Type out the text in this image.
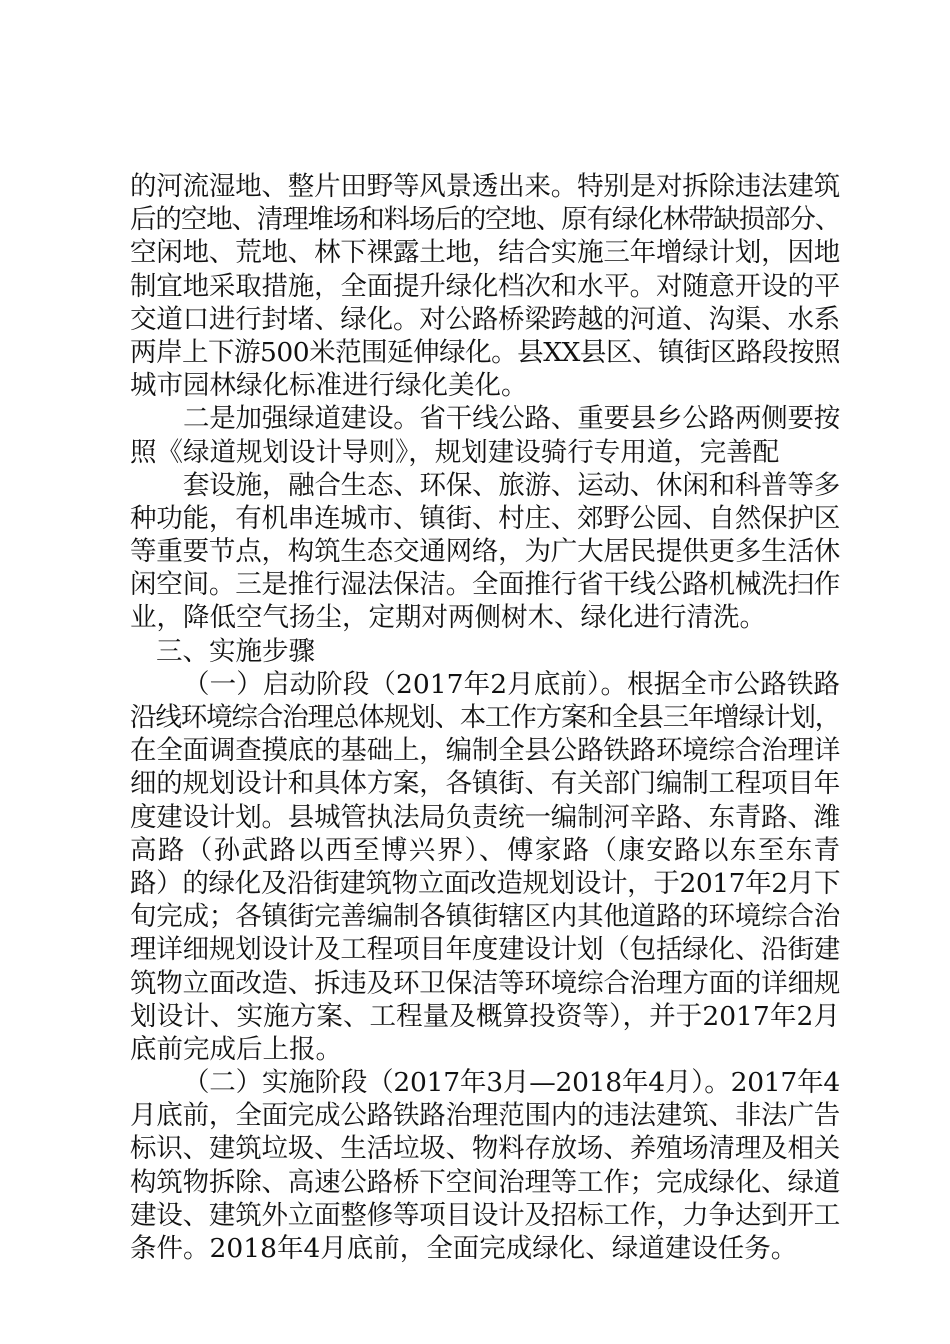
的河流湿地、整片田野等风景透出来。特别是对拆除违法建筑
后的空地、清理堆场和料场后的空地、原有绿化林带缺损部分、
空闲地、荒地、林下裸露土地，结合实施三年增绿计划，因地
制宜地采取措施，全面提升绿化档次和水平。对随意开设的平
交道口进行封堵、绿化。对公路桥梁跨越的河道、沟渠、水系
两岸上下游500米范围延伸绿化。县XX县区、镇街区路段按照
城市园林绿化标准进行绿化美化。
二是加强绿道建设。省干线公路、重要县乡公路两侧要按
照《绿道规划设计导则》，规划建设骑行专用道，完善配
套设施，融合生态、环保、旅游、运动、休闲和科普等多
种功能，有机串连城市、镇街、村庄、郊野公园、自然保护区
等重要节点，构筑生态交通网络，为广大居民提供更多生活休
闲空间。三是推行湿法保洁。全面推行省干线公路机械洗扫作
业，降低空气扬尘，定期对两侧树木、绿化进行清洗。
三、实施步骤
（一）启动阶段（2017年2月底前）。根据全市公路铁路
沿线环境综合治理总体规划、本工作方案和全县三年增绿计划，
在全面调查摸底的基础上，编制全县公路铁路环境综合治理详
细的规划设计和具体方案，各镇街、有关部门编制工程项目年
度建设计划。县城管执法局负责统一编制河辛路、东青路、潍
高路（孙武路以西至博兴界）、傅家路（康安路以东至东青
路）的绿化及沿街建筑物立面改造规划设计，于2017年2月下
旬完成；各镇街完善编制各镇街辖区内其他道路的环境综合治
理详细规划设计及工程项目年度建设计划（包括绿化、沿街建
筑物立面改造、拆违及环卫保洁等环境综合治理方面的详细规
划设计、实施方案、工程量及概算投资等），并于2017年2月
底前完成后上报。
（二）实施阶段（2017年3月—2018年4月）。2017年4
月底前，全面完成公路铁路治理范围内的违法建筑、非法广告
标识、建筑垃圾、生活垃圾、物料存放场、养殖场清理及相关
构筑物拆除、高速公路桥下空间治理等工作；完成绿化、绿道
建设、建筑外立面整修等项目设计及招标工作，力争达到开工
条件。2018年4月底前，全面完成绿化、绿道建设任务。
